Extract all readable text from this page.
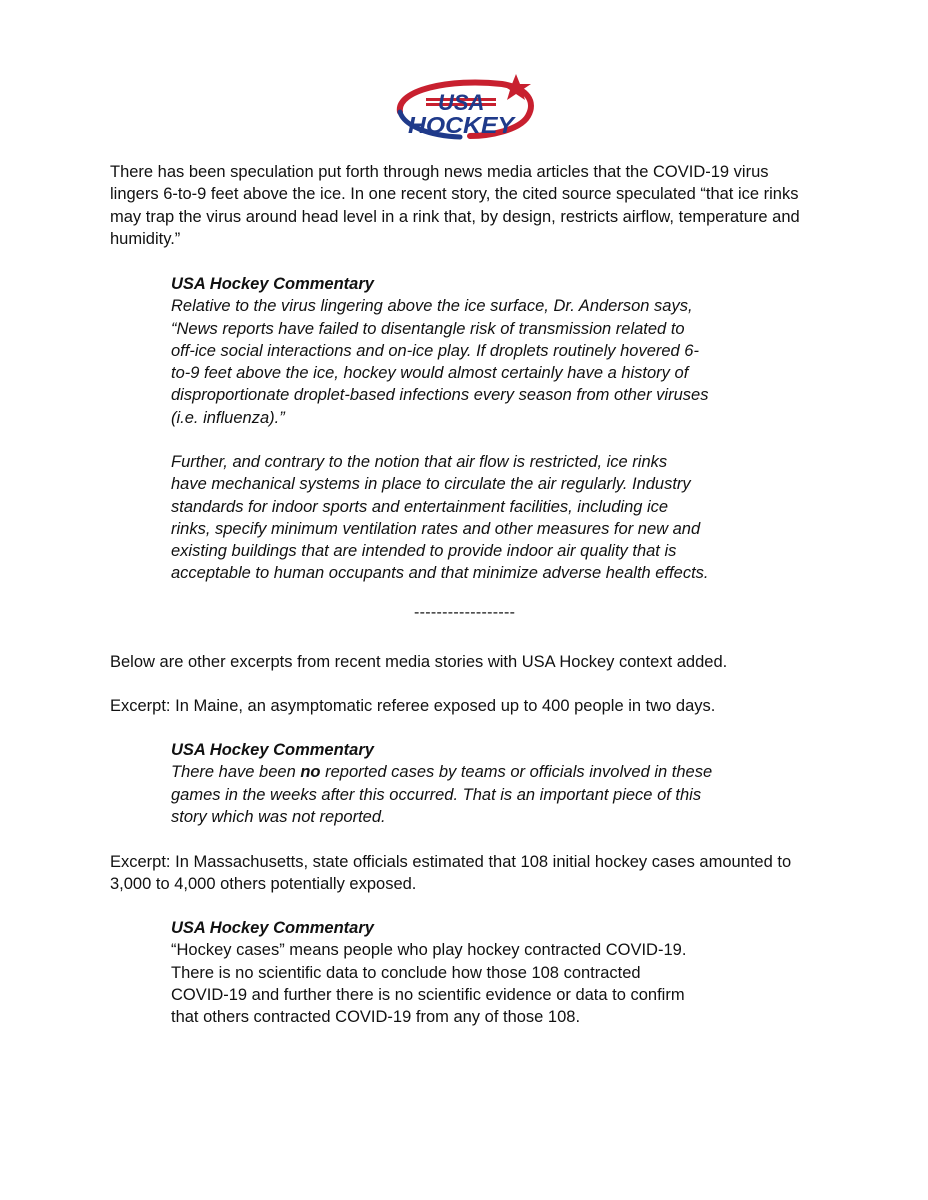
USA
HOCKEY
There has been speculation put forth through news media articles that the COVID-19 virus
lingers 6-to-9 feet above the ice. In one recent story, the cited source speculated “that ice rinks
may trap the virus around head level in a rink that, by design, restricts airflow, temperature and
humidity.”
USA Hockey Commentary
Relative to the virus lingering above the ice surface, Dr. Anderson says,
“News reports have failed to disentangle risk of transmission related to
off-ice social interactions and on-ice play. If droplets routinely hovered 6-
to-9 feet above the ice, hockey would almost certainly have a history of
disproportionate droplet-based infections every season from other viruses
(i.e. influenza).”
Further, and contrary to the notion that air flow is restricted, ice rinks
have mechanical systems in place to circulate the air regularly. Industry
standards for indoor sports and entertainment facilities, including ice
rinks, specify minimum ventilation rates and other measures for new and
existing buildings that are intended to provide indoor air quality that is
acceptable to human occupants and that minimize adverse health effects.
------------------
Below are other excerpts from recent media stories with USA Hockey context added.
Excerpt: In Maine, an asymptomatic referee exposed up to 400 people in two days.
USA Hockey Commentary
There have been no reported cases by teams or officials involved in these
games in the weeks after this occurred. That is an important piece of this
story which was not reported.
Excerpt: In Massachusetts, state officials estimated that 108 initial hockey cases amounted to
3,000 to 4,000 others potentially exposed.
USA Hockey Commentary
“Hockey cases” means people who play hockey contracted COVID-19.
There is no scientific data to conclude how those 108 contracted
COVID-19 and further there is no scientific evidence or data to confirm
that others contracted COVID-19 from any of those 108.
